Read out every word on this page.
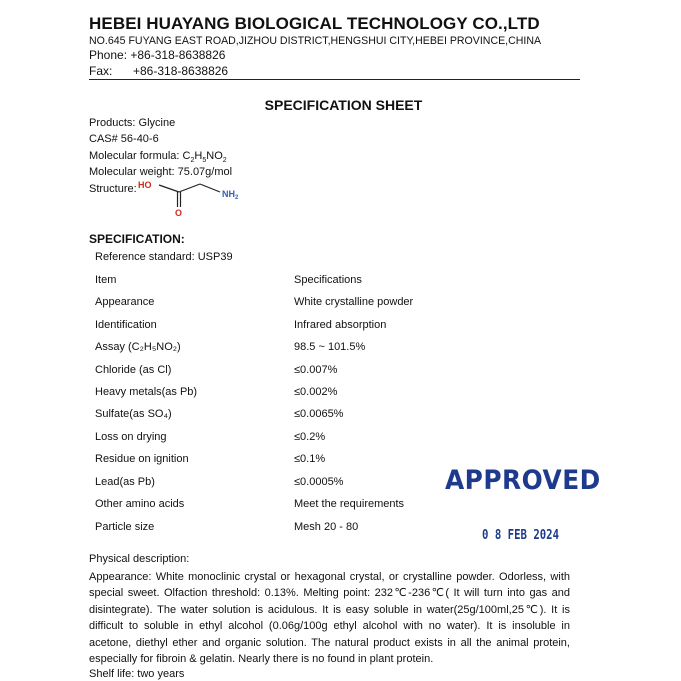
HEBEI HUAYANG BIOLOGICAL TECHNOLOGY CO.,LTD
NO.645 FUYANG EAST ROAD,JIZHOU DISTRICT,HENGSHUI CITY,HEBEI PROVINCE,CHINA
Phone: +86-318-8638826
Fax: +86-318-8638826
SPECIFICATION SHEET
Products: Glycine
CAS# 56-40-6
Molecular formula: $C_2H_5NO_2$
Molecular weight: 75.07g/mol
Structure: HO
O
$NH_2$
SPECIFICATION:
Reference standard: USP39
Item	Specifications
Appearance	White crystalline powder
Identification	Infrared absorption
Assay (C₂H₅NO₂)	98.5 ~ 101.5%
Chloride (as Cl)	≤0.007%
Heavy metals(as Pb)	≤0.002%
Sulfate(as SO₄)	≤0.0065%
Loss on drying	≤0.2%
Residue on ignition	≤0.1%
Lead(as Pb)	≤0.0005%
Other amino acids	Meet the requirements
Particle size	Mesh 20 - 80
APPROVED
0 8 FEB 2024
Physical description:
Appearance: White monoclinic crystal or hexagonal crystal, or crystalline powder. Odorless, with special sweet. Olfaction threshold: 0.13%. Melting point: 232℃-236℃( It will turn into gas and disintegrate). The water solution is acidulous. It is easy soluble in water(25g/100ml,25℃). It is difficult to soluble in ethyl alcohol (0.06g/100g ethyl alcohol with no water). It is insoluble in acetone, diethyl ether and organic solution. The natural product exists in all the animal protein, especially for fibroin & gelatin. Nearly there is no found in plant protein.
Shelf life: two years
